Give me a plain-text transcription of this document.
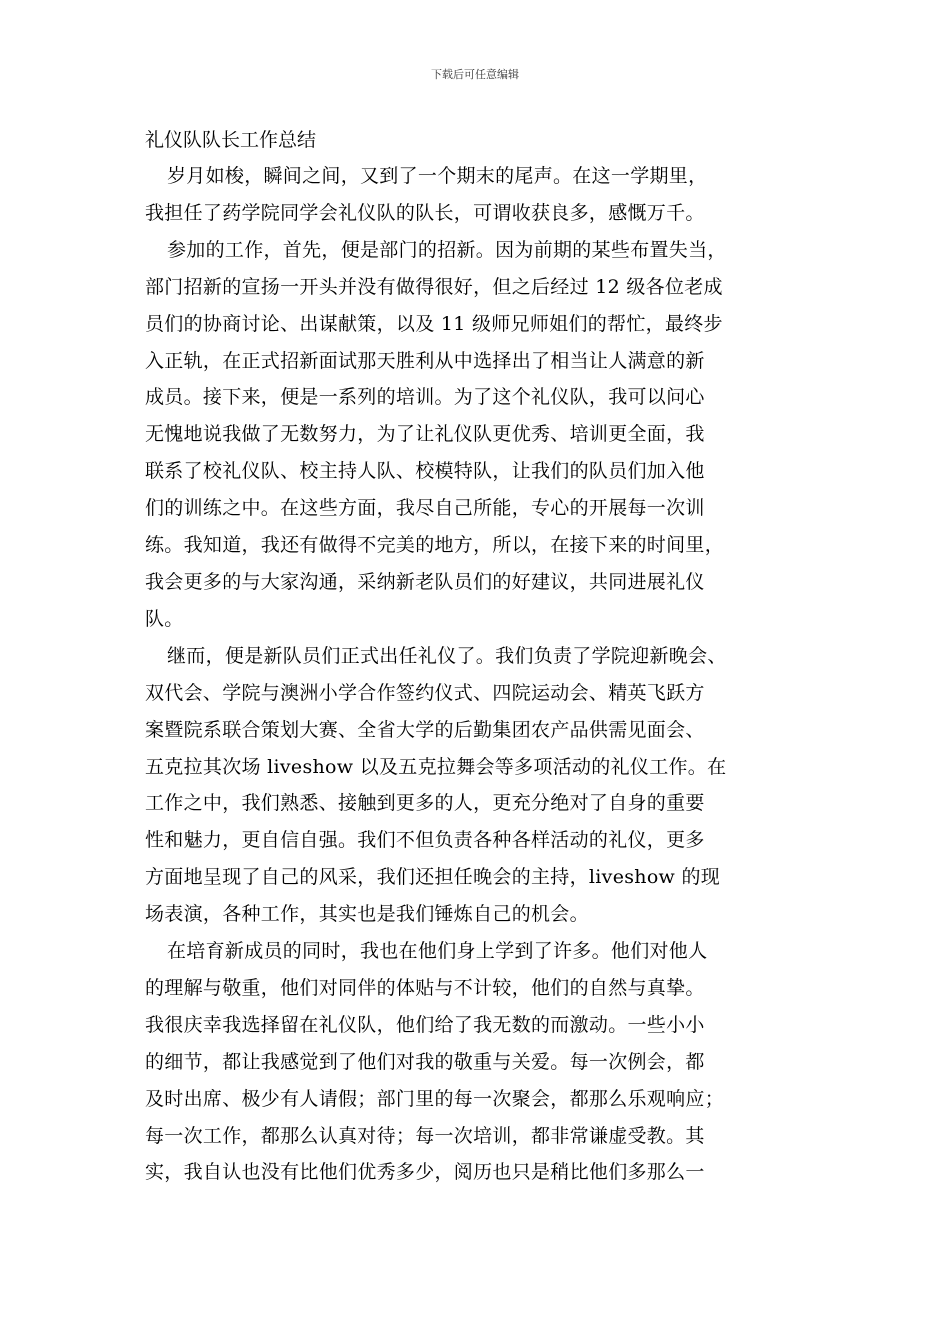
下载后可任意编辑

礼仪队队长工作总结

岁月如梭，瞬间之间，又到了一个期末的尾声。在这一学期里，

我担任了药学院同学会礼仪队的队长，可谓收获良多，感慨万千。

参加的工作，首先，便是部门的招新。因为前期的某些布置失当，

部门招新的宣扬一开头并没有做得很好，但之后经过 12 级各位老成

员们的协商讨论、出谋献策，以及 11 级师兄师姐们的帮忙，最终步

入正轨，在正式招新面试那天胜利从中选择出了相当让人满意的新

成员。接下来，便是一系列的培训。为了这个礼仪队，我可以问心

无愧地说我做了无数努力，为了让礼仪队更优秀、培训更全面，我

联系了校礼仪队、校主持人队、校模特队，让我们的队员们加入他

们的训练之中。在这些方面，我尽自己所能，专心的开展每一次训

练。我知道，我还有做得不完美的地方，所以，在接下来的时间里，

我会更多的与大家沟通，采纳新老队员们的好建议，共同进展礼仪

队。

继而，便是新队员们正式出任礼仪了。我们负责了学院迎新晚会、

双代会、学院与澳洲小学合作签约仪式、四院运动会、精英飞跃方

案暨院系联合策划大赛、全省大学的后勤集团农产品供需见面会、

五克拉其次场 liveshow 以及五克拉舞会等多项活动的礼仪工作。在

工作之中，我们熟悉、接触到更多的人，更充分绝对了自身的重要

性和魅力，更自信自强。我们不但负责各种各样活动的礼仪，更多

方面地呈现了自己的风采，我们还担任晚会的主持，liveshow 的现

场表演，各种工作，其实也是我们锤炼自己的机会。

在培育新成员的同时，我也在他们身上学到了许多。他们对他人

的理解与敬重，他们对同伴的体贴与不计较，他们的自然与真挚。

我很庆幸我选择留在礼仪队，他们给了我无数的而激动。一些小小

的细节，都让我感觉到了他们对我的敬重与关爱。每一次例会，都

及时出席、极少有人请假；部门里的每一次聚会，都那么乐观响应；

每一次工作，都那么认真对待；每一次培训，都非常谦虚受教。其

实，我自认也没有比他们优秀多少，阅历也只是稍比他们多那么一
